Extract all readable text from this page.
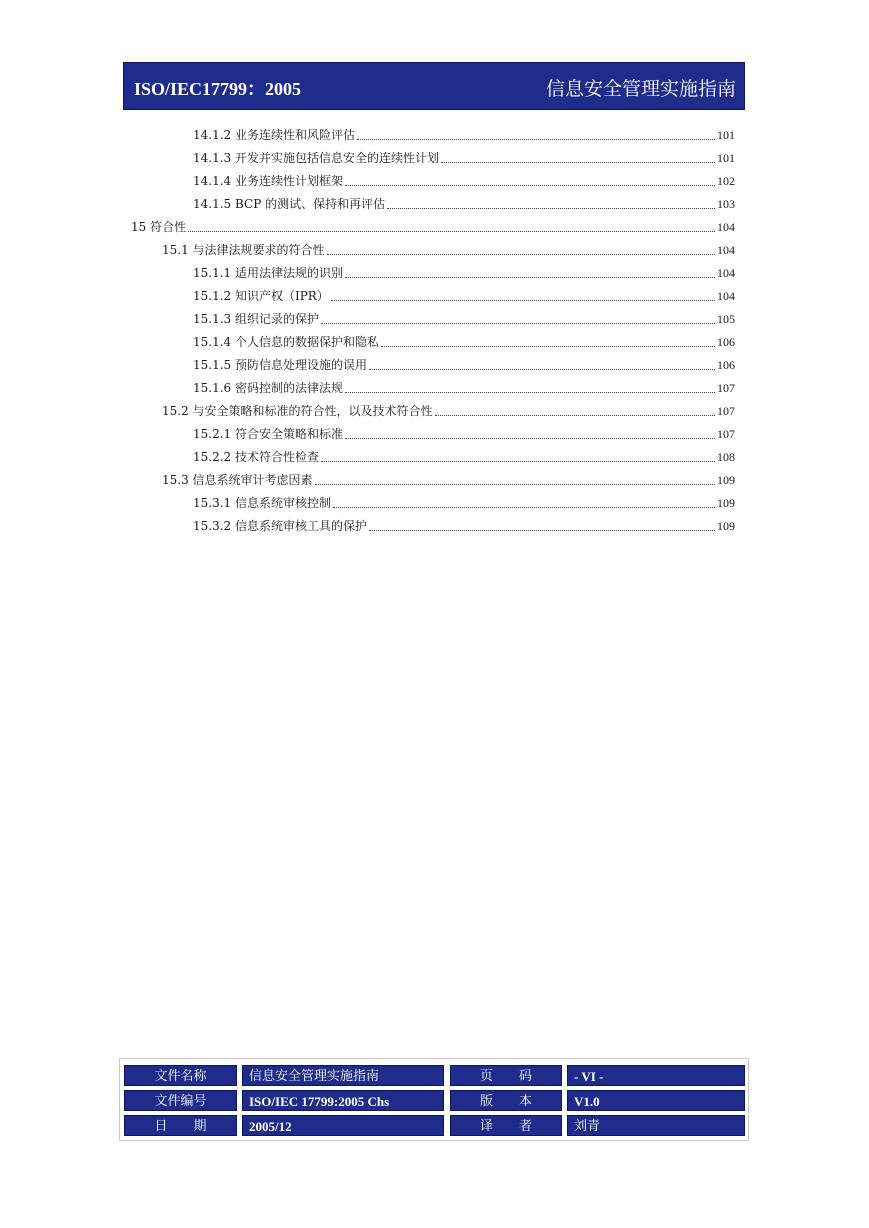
ISO/IEC17799：2005	信息安全管理实施指南
14.1.2 业务连续性和风险评估	101
14.1.3 开发并实施包括信息安全的连续性计划	101
14.1.4 业务连续性计划框架	102
14.1.5 BCP 的测试、保持和再评估	103
15 符合性	104
15.1 与法律法规要求的符合性	104
15.1.1 适用法律法规的识别	104
15.1.2 知识产权（IPR）	104
15.1.3 组织记录的保护	105
15.1.4 个人信息的数据保护和隐私	106
15.1.5 预防信息处理设施的误用	106
15.1.6 密码控制的法律法规	107
15.2 与安全策略和标准的符合性，以及技术符合性	107
15.2.1 符合安全策略和标准	107
15.2.2 技术符合性检查	108
15.3 信息系统审计考虑因素	109
15.3.1 信息系统审核控制	109
15.3.2 信息系统审核工具的保护	109
文件名称	信息安全管理实施指南	页　　码	- VI -
文件编号	ISO/IEC 17799:2005 Chs	版　　本	V1.0
日　　期	2005/12	译　　者	刘青
